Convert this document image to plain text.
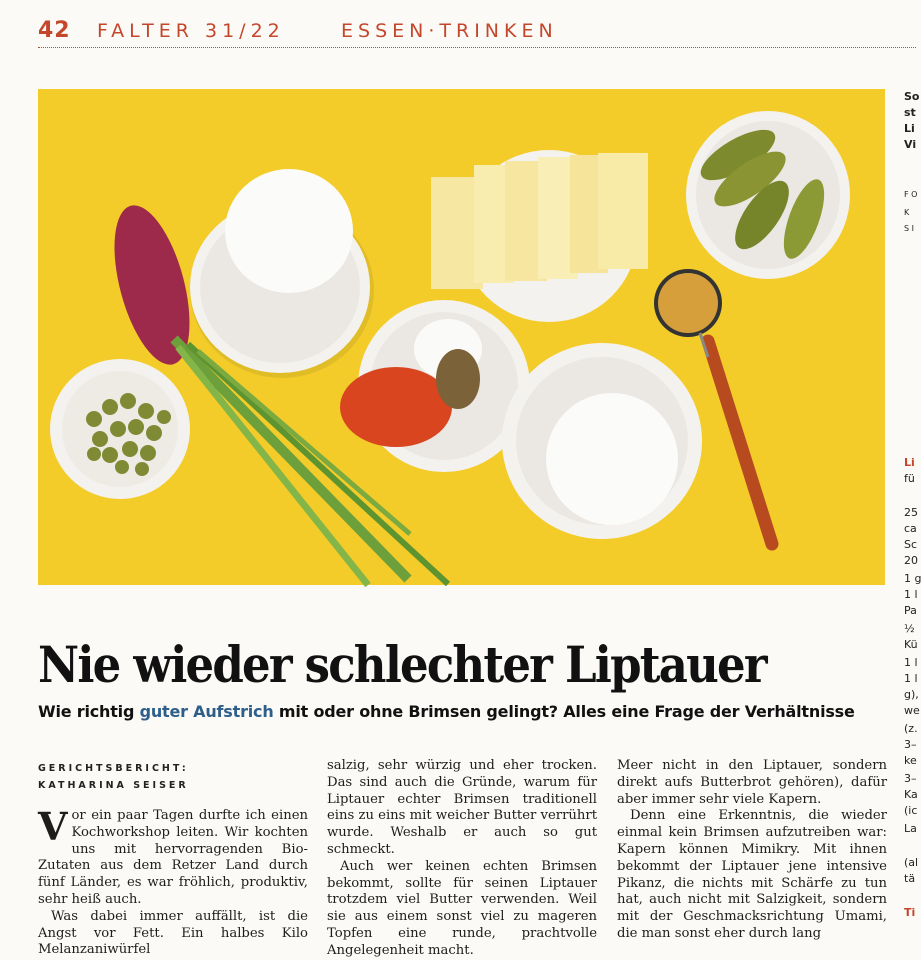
42 FALTER 31/22	ESSEN·TRINKEN
Nie wieder schlechter Liptauer
Wie richtig guter Aufstrich mit oder ohne Brimsen gelingt? Alles eine Frage der Verhältnisse
GERICHTSBERICHT:
KATHARINA SEISER

Vor ein paar Tagen durfte ich einen Kochworkshop leiten. Wir kochten uns mit hervorragenden Bio-Zutaten aus dem Retzer Land durch fünf Länder, es war fröhlich, produktiv, sehr heiß auch.

Was dabei immer auffällt, ist die Angst vor Fett. Ein halbes Kilo Melanzaniwürfel

salzig, sehr würzig und eher trocken. Das sind auch die Gründe, warum für Liptauer echter Brimsen traditionell eins zu eins mit weicher Butter verrührt wurde. Weshalb er auch so gut schmeckt.

Auch wer keinen echten Brimsen bekommt, sollte für seinen Liptauer trotzdem viel Butter verwenden. Weil sie aus einem sonst viel zu mageren Topfen eine runde, prachtvolle Angelegenheit macht.

Meer nicht in den Liptauer, sondern direkt aufs Butterbrot gehören), dafür aber immer sehr viele Kapern.

Denn eine Erkenntnis, die wieder einmal kein Brimsen aufzutreiben war: Kapern können Mimikry. Mit ihnen bekommt der Liptauer jene intensive Pikanz, die nichts mit Schärfe zu tun hat, auch nicht mit Salzigkeit, sondern mit der Geschmacksrichtung Umami, die man sonst eher durch lang

So
st
Li
Vi
F O
K
S I
Li
fü
25
ca
Sc
20
1 g
1 l
Pa
½
Kü
1 l
1 l
g),
we
(z.
3–
ke
3–
Ka
(ic
La
(al
tä
Ti
